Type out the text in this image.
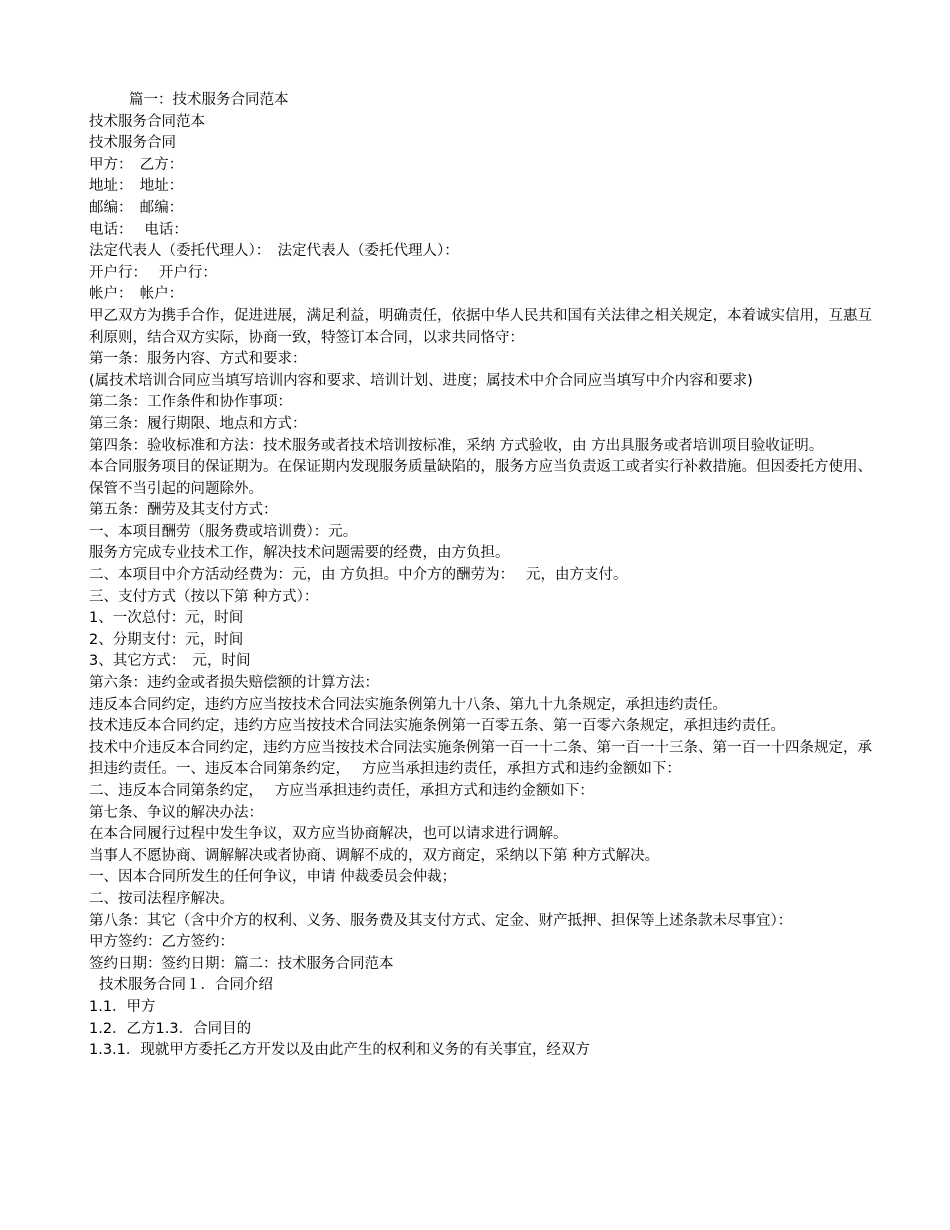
篇一：技术服务合同范本
技术服务合同范本
技术服务合同
甲方：　乙方：
地址：　地址：
邮编：　邮编：
电话：　 电话：
法定代表人（委托代理人）：　法定代表人（委托代理人）：
开户行：　 开户行：
帐户：　帐户：
甲乙双方为携手合作，促进进展，满足利益，明确责任，依据中华人民共和国有关法律之相关规定，本着诚实信用，互惠互利原则，结合双方实际，协商一致，特签订本合同，以求共同恪守：
第一条：服务内容、方式和要求：
(属技术培训合同应当填写培训内容和要求、培训计划、进度；属技术中介合同应当填写中介内容和要求)
第二条：工作条件和协作事项：
第三条：履行期限、地点和方式：
第四条：验收标准和方法：技术服务或者技术培训按标准，采纳 方式验收，由 方出具服务或者培训项目验收证明。
本合同服务项目的保证期为。在保证期内发现服务质量缺陷的，服务方应当负责返工或者实行补救措施。但因委托方使用、保管不当引起的问题除外。
第五条：酬劳及其支付方式：
一、本项目酬劳（服务费或培训费）：元。
服务方完成专业技术工作，解决技术问题需要的经费，由方负担。
二、本项目中介方活动经费为：元，由 方负担。中介方的酬劳为：　 元，由方支付。
三、支付方式（按以下第 种方式）：
1、一次总付：元，时间
2、分期支付：元，时间
3、其它方式：　元，时间
第六条：违约金或者损失赔偿额的计算方法：
违反本合同约定，违约方应当按技术合同法实施条例第九十八条、第九十九条规定，承担违约责任。
技术违反本合同约定，违约方应当按技术合同法实施条例第一百零五条、第一百零六条规定，承担违约责任。
技术中介违反本合同约定，违约方应当按技术合同法实施条例第一百一十二条、第一百一十三条、第一百一十四条规定，承担违约责任。一、违反本合同第条约定，　 方应当承担违约责任，承担方式和违约金额如下：
二、违反本合同第条约定，　 方应当承担违约责任，承担方式和违约金额如下：
第七条、争议的解决办法：
在本合同履行过程中发生争议，双方应当协商解决，也可以请求进行调解。
当事人不愿协商、调解解决或者协商、调解不成的，双方商定，采纳以下第 种方式解决。
一、因本合同所发生的任何争议，申请 仲裁委员会仲裁；
二、按司法程序解决。
第八条：其它（含中介方的权利、义务、服务费及其支付方式、定金、财产抵押、担保等上述条款未尽事宜）：
甲方签约：乙方签约：
签约日期：签约日期：篇二：技术服务合同范本
技术服务合同１．合同介绍
1.1．甲方
1.2．乙方1.3．合同目的
1.3.1．现就甲方委托乙方开发以及由此产生的权利和义务的有关事宜，经双方
